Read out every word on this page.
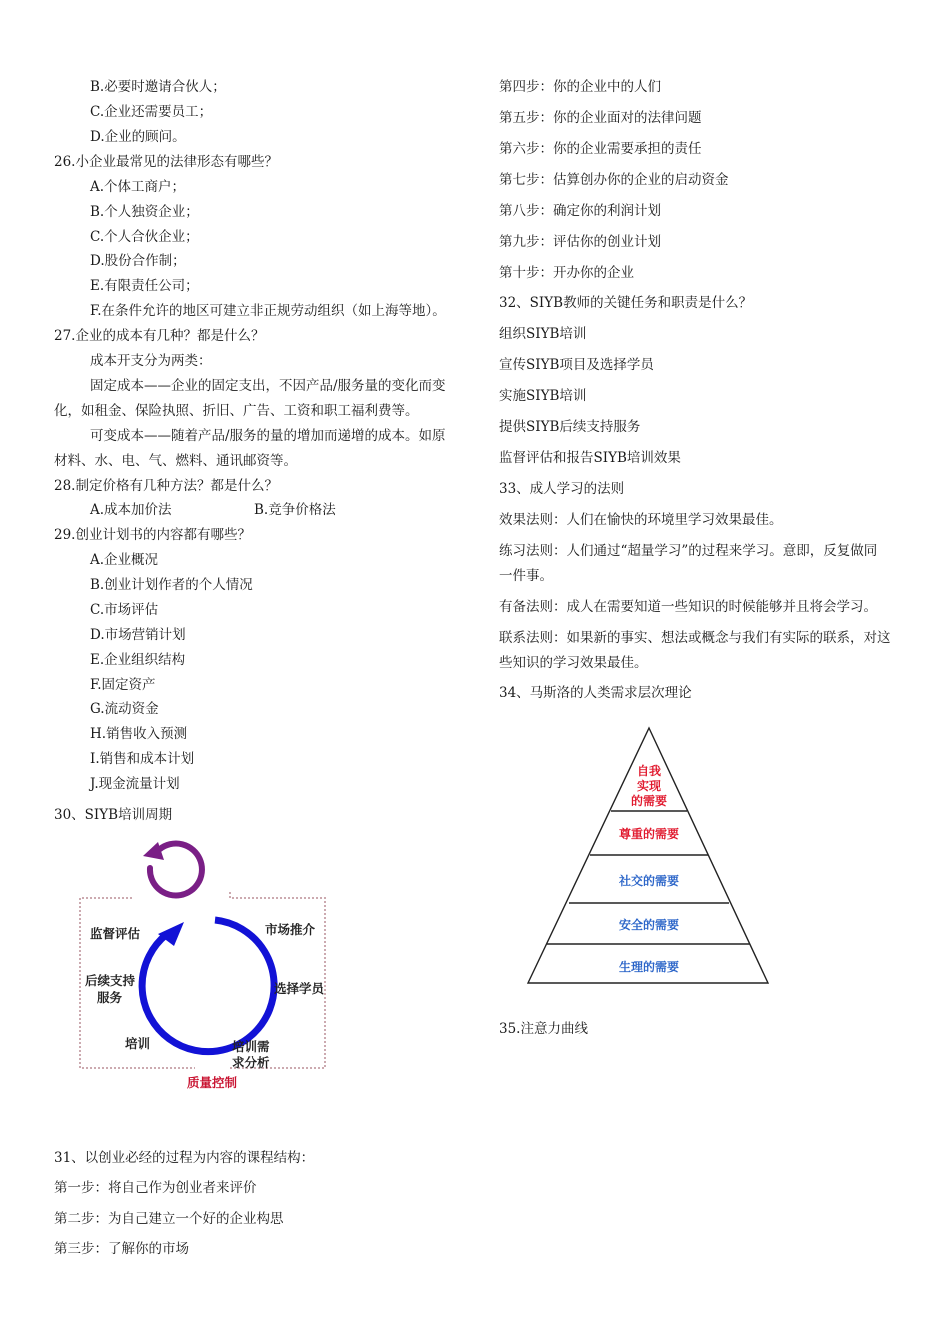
B.必要时邀请合伙人；
C.企业还需要员工；
D.企业的顾问。
26.小企业最常见的法律形态有哪些？
A.个体工商户；
B.个人独资企业；
C.个人合伙企业；
D.股份合作制；
E.有限责任公司；
F.在条件允许的地区可建立非正规劳动组织（如上海等地）。
27.企业的成本有几种？都是什么？
成本开支分为两类：
固定成本——企业的固定支出，不因产品/服务量的变化而变
化，如租金、保险执照、折旧、广告、工资和职工福利费等。
可变成本——随着产品/服务的量的增加而递增的成本。如原
材料、水、电、气、燃料、通讯邮资等。
28.制定价格有几种方法？都是什么？
A.成本加价法	B.竞争价格法
29.创业计划书的内容都有哪些？
A.企业概况
B.创业计划作者的个人情况
C.市场评估
D.市场营销计划
E.企业组织结构
F.固定资产
G.流动资金
H.销售收入预测
I.销售和成本计划
J.现金流量计划
30、SIYB培训周期
31、以创业必经的过程为内容的课程结构：
第一步：将自己作为创业者来评价
第二步：为自己建立一个好的企业构思
第三步：了解你的市场
监督评估	市场推介
后续支持
服务
选择学员
培训	培训需
求分析
质量控制
第四步：你的企业中的人们
第五步：你的企业面对的法律问题
第六步：你的企业需要承担的责任
第七步：估算创办你的企业的启动资金
第八步：确定你的利润计划
第九步：评估你的创业计划
第十步：开办你的企业
32、SIYB教师的关键任务和职责是什么？
组织SIYB培训
宣传SIYB项目及选择学员
实施SIYB培训
提供SIYB后续支持服务
监督评估和报告SIYB培训效果
33、成人学习的法则
效果法则：人们在愉快的环境里学习效果最佳。
练习法则：人们通过“超量学习”的过程来学习。意即，反复做同
一件事。
有备法则：成人在需要知道一些知识的时候能够并且将会学习。
联系法则：如果新的事实、想法或概念与我们有实际的联系，对这
些知识的学习效果最佳。
34、马斯洛的人类需求层次理论
35.注意力曲线
自我
实现
的需要
尊重的需要
社交的需要
安全的需要
生理的需要
